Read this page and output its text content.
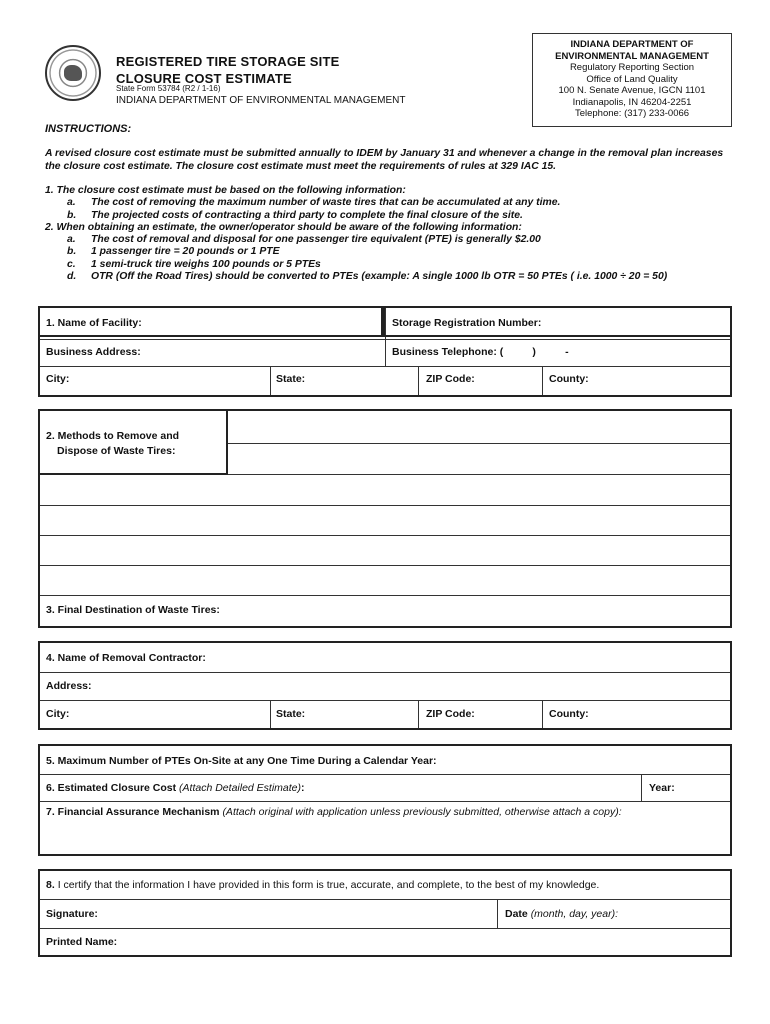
REGISTERED TIRE STORAGE SITE
CLOSURE COST ESTIMATE
State Form 53784 (R2 / 1-16)
INDIANA DEPARTMENT OF ENVIRONMENTAL MANAGEMENT
INDIANA DEPARTMENT OF
ENVIRONMENTAL MANAGEMENT
Regulatory Reporting Section
Office of Land Quality
100 N. Senate Avenue, IGCN 1101
Indianapolis, IN 46204-2251
Telephone: (317) 233-0066
INSTRUCTIONS:
A revised closure cost estimate must be submitted annually to IDEM by January 31 and whenever a change in the removal plan increases the closure cost estimate. The closure cost estimate must meet the requirements of rules at 329 IAC 15.
1. The closure cost estimate must be based on the following information:
a. The cost of removing the maximum number of waste tires that can be accumulated at any time.
b. The projected costs of contracting a third party to complete the final closure of the site.
2. When obtaining an estimate, the owner/operator should be aware of the following information:
a. The cost of removal and disposal for one passenger tire equivalent (PTE) is generally $2.00
b. 1 passenger tire = 20 pounds or 1 PTE
c. 1 semi-truck tire weighs 100 pounds or 5 PTEs
d. OTR (Off the Road Tires) should be converted to PTEs (example: A single 1000 lb OTR = 50 PTEs ( i.e. 1000 ÷ 20 = 50)
1. Name of Facility:	Storage Registration Number:
Business Address:	Business Telephone: (          )          -
City:	State:	ZIP Code:	County:
2. Methods to Remove and
Dispose of Waste Tires:
3. Final Destination of Waste Tires:
4. Name of Removal Contractor:
Address:
City:	State:	ZIP Code:	County:
5. Maximum Number of PTEs On-Site at any One Time During a Calendar Year:
6. Estimated Closure Cost (Attach Detailed Estimate):	Year:
7. Financial Assurance Mechanism (Attach original with application unless previously submitted, otherwise attach a copy):
8. I certify that the information I have provided in this form is true, accurate, and complete, to the best of my knowledge.
Signature:	Date (month, day, year):
Printed Name:
